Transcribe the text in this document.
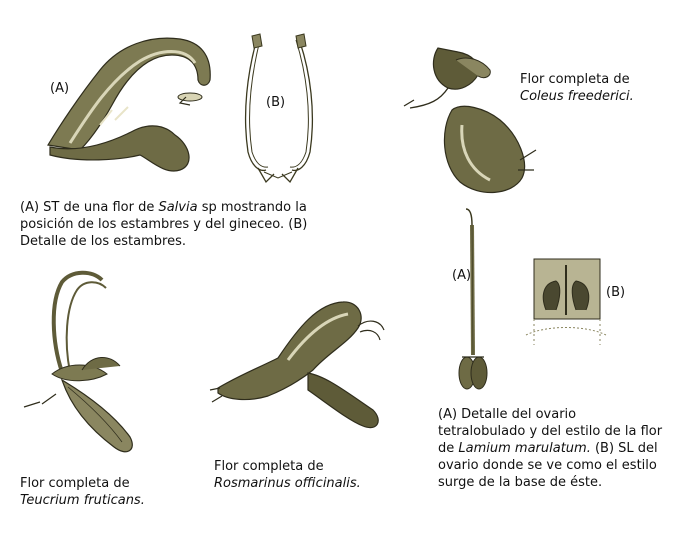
(A)

(B)

(A) ST de una flor de Salvia sp mostrando la posición de los estambres y del gineceo. (B) Detalle de los estambres.

Flor completa de
Coleus freederici.

Flor completa de
Teucrium fruticans.

Flor completa de
Rosmarinus officinalis.

(A)

(B)

(A) Detalle del ovario tetralobulado y del estilo de la flor de Lamium marulatum. (B) SL del ovario donde se ve como el estilo surge de la base de éste.
